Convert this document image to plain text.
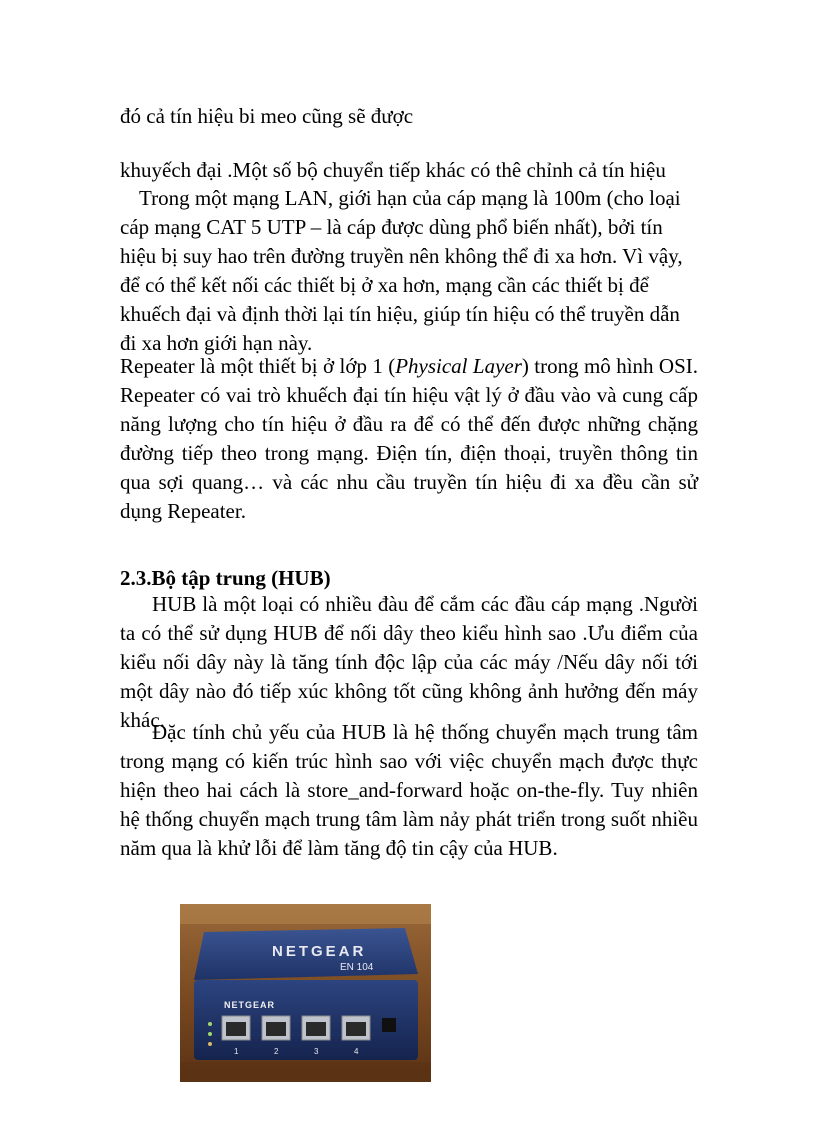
đó cả tín hiệu bi meo cũng sẽ được

khuyếch đại .Một số bộ chuyển tiếp khác có thê chỉnh cả tín hiệu

Trong một mạng LAN, giới hạn của cáp mạng là 100m (cho loại cáp mạng CAT 5 UTP – là cáp được dùng phổ biến nhất), bởi tín hiệu bị suy hao trên đường truyền nên không thể đi xa hơn. Vì vậy, để có thể kết nối các thiết bị ở xa hơn, mạng cần các thiết bị để khuếch đại và định thời lại tín hiệu, giúp tín hiệu có thể truyền dẫn đi xa hơn giới hạn này.

Repeater là một thiết bị ở lớp 1 (Physical Layer) trong mô hình OSI. Repeater có vai trò khuếch đại tín hiệu vật lý ở đầu vào và cung cấp năng lượng cho tín hiệu ở đầu ra để có thể đến được những chặng đường tiếp theo trong mạng. Điện tín, điện thoại, truyền thông tin qua sợi quang… và các nhu cầu truyền tín hiệu đi xa đều cần sử dụng Repeater.

2.3.Bộ tập trung (HUB)

HUB là một loại có nhiều đàu để cắm các đầu cáp mạng .Người ta có thể sử dụng HUB để nối dây theo kiểu hình sao .Ưu điểm của kiểu nối dây này là tăng tính độc lập của các máy /Nếu dây nối tới một dây nào đó tiếp xúc không tốt cũng không ảnh hưởng đến máy khác.

Đặc tính chủ yếu của HUB là hệ thống chuyển mạch trung tâm trong mạng có kiến trúc hình sao với việc chuyển mạch được thực hiện theo hai cách là store_and-forward hoặc on-the-fly. Tuy nhiên hệ thống chuyển mạch trung tâm làm nảy phát triển trong suốt nhiều năm qua là khử lỗi để làm tăng độ tin cậy của HUB.

NETGEAR
EN 104
NETGEAR
1	2	3	4
